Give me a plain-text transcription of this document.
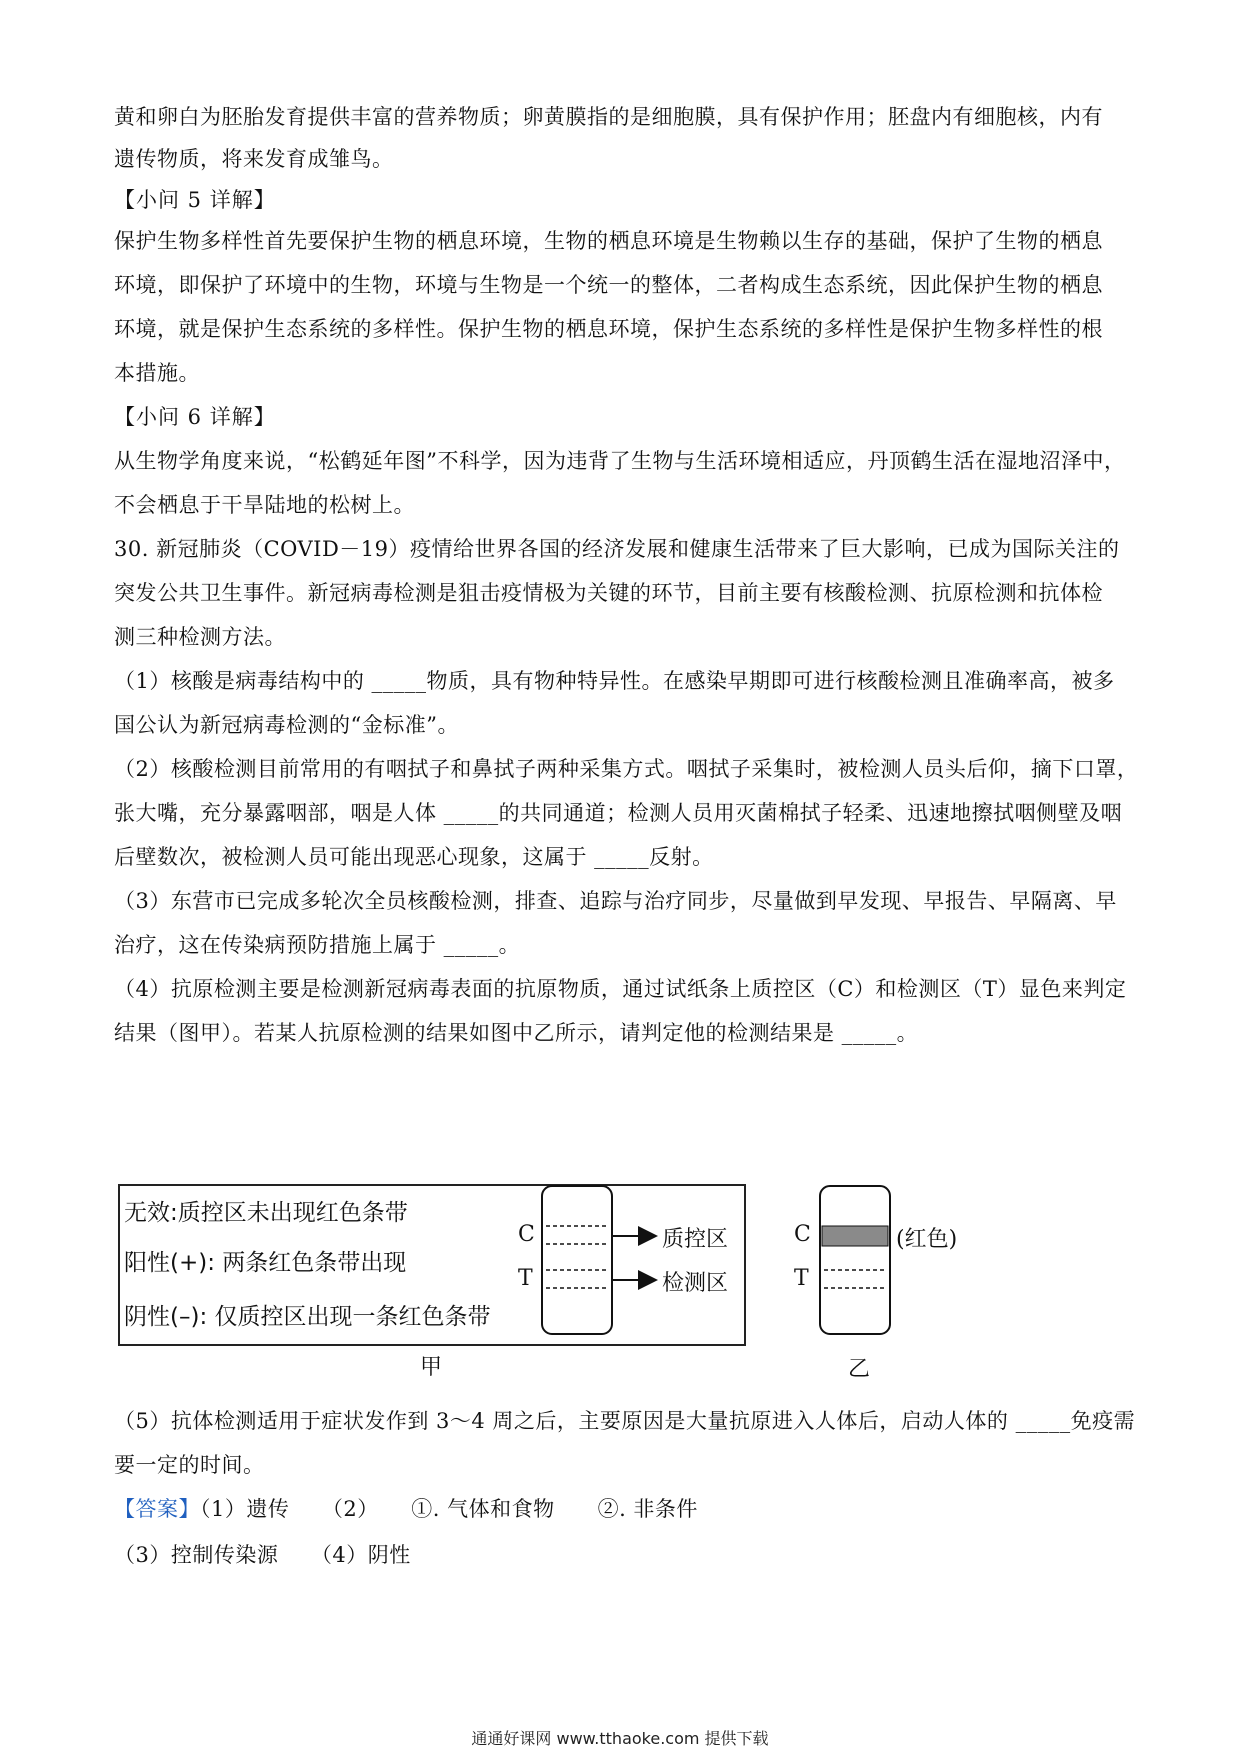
黄和卵白为胚胎发育提供丰富的营养物质；卵黄膜指的是细胞膜，具有保护作用；胚盘内有细胞核，内有
遗传物质，将来发育成雏鸟。
【小问 5 详解】
保护生物多样性首先要保护生物的栖息环境，生物的栖息环境是生物赖以生存的基础，保护了生物的栖息
环境，即保护了环境中的生物，环境与生物是一个统一的整体，二者构成生态系统，因此保护生物的栖息
环境，就是保护生态系统的多样性。保护生物的栖息环境，保护生态系统的多样性是保护生物多样性的根
本措施。
【小问 6 详解】
从生物学角度来说，“松鹤延年图”不科学，因为违背了生物与生活环境相适应，丹顶鹤生活在湿地沼泽中，
不会栖息于干旱陆地的松树上。
30. 新冠肺炎（COVID－19）疫情给世界各国的经济发展和健康生活带来了巨大影响，已成为国际关注的
突发公共卫生事件。新冠病毒检测是狙击疫情极为关键的环节，目前主要有核酸检测、抗原检测和抗体检
测三种检测方法。
（1）核酸是病毒结构中的 _____物质，具有物种特异性。在感染早期即可进行核酸检测且准确率高，被多
国公认为新冠病毒检测的“金标准”。
（2）核酸检测目前常用的有咽拭子和鼻拭子两种采集方式。咽拭子采集时，被检测人员头后仰，摘下口罩，
张大嘴，充分暴露咽部，咽是人体 _____的共同通道；检测人员用灭菌棉拭子轻柔、迅速地擦拭咽侧壁及咽
后壁数次，被检测人员可能出现恶心现象，这属于 _____反射。
（3）东营市已完成多轮次全员核酸检测，排查、追踪与治疗同步，尽量做到早发现、早报告、早隔离、早
治疗，这在传染病预防措施上属于 _____。
（4）抗原检测主要是检测新冠病毒表面的抗原物质，通过试纸条上质控区（C）和检测区（T）显色来判定
结果（图甲）。若某人抗原检测的结果如图中乙所示，请判定他的检测结果是 _____。
无效:质控区未出现红色条带
阳性(+): 两条红色条带出现
阴性(–): 仅质控区出现一条红色条带
C
T
质控区
检测区
C
T
(红色)
甲	乙
（5）抗体检测适用于症状发作到 3～4 周之后，主要原因是大量抗原进入人体后，启动人体的 _____免疫需
要一定的时间。
【答案】（1）遗传　　（2）　　①. 气体和食物　　②. 非条件
（3）控制传染源　　（4）阴性
通通好课网 www.tthaoke.com 提供下载
